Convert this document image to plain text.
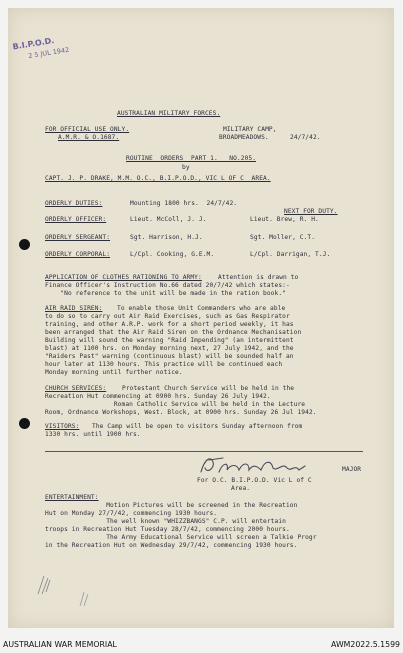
B.I.P.O.D.
2 5 JUL 1942
AUSTRALIAN MILITARY FORCES.
FOR OFFICIAL USE ONLY.
A.M.R. & O.1687.
MILITARY CAMP,
BROADMEADOWS.	24/7/42.
ROUTINE  ORDERS  PART 1.   NO.205.
by
CAPT. J. P. DRAKE, M.M. O.C., B.I.P.O.D., VIC L OF C  AREA.
NEXT FOR DUTY.
ORDERLY DUTIES:	Mounting 1800 hrs.  24/7/42.
ORDERLY OFFICER:	Lieut. McColl, J. J.	Lieut. Brew, R. H.
ORDERLY SERGEANT:	Sgt. Harrison, H.J.	Sgt. Moller, C.T.
ORDERLY CORPORAL:	L/Cpl. Cooking, G.E.M.	L/Cpl. Darrigan, T.J.
APPLICATION OF CLOTHES RATIONING TO ARMY:	Attention is drawn to
Finance Officer's Instruction No.66 dated 20/7/42 which states:-
"No reference to the unit will be made in the ration book."
AIR RAID SIREN: To enable those Unit Commanders who are able
to do so to carry out Air Raid Exercises, such as Gas Respirator
training, and other A.R.P. work for a short period weekly, it has
been arranged that the Air Raid Siren on the Ordnance Mechanisation
Building will sound the warning "Raid Impending" (an intermittent
blast) at 1100 hrs. on Monday morning next, 27 July 1942, and the
"Raiders Past" warning (continuous blast) will be sounded half an
hour later at 1130 hours. This practice will be continued each
Monday morning until further notice.
CHURCH SERVICES:	Protestant Church Service will be held in the
Recreation Hut commencing at 0900 hrs. Sunday 26 July 1942.
Roman Catholic Service will be held in the Lecture
Room, Ordnance Workshops, West. Block, at 0900 hrs. Sunday 26 Jul 1942.
VISITORS: The Camp will be open to visitors Sunday afternoon from
1330 hrs. until 1900 hrs.
MAJOR
For O.C. B.I.P.O.D. Vic L of C
Area.
ENTERTAINMENT:
Motion Pictures will be screened in the Recreation
Hut on Monday 27/7/42, commencing 1930 hours.
The well known "WHIZZBANGS" C.P. will entertain
troops in Recreation Hut Tuesday 28/7/42, commencing 2000 hours.
The Army Educational Service will screen a Talkie Progr
in the Recreation Hut on Wednesday 29/7/42, commencing 1930 hours.
AUSTRALIAN WAR MEMORIAL	AWM2022.5.1599
